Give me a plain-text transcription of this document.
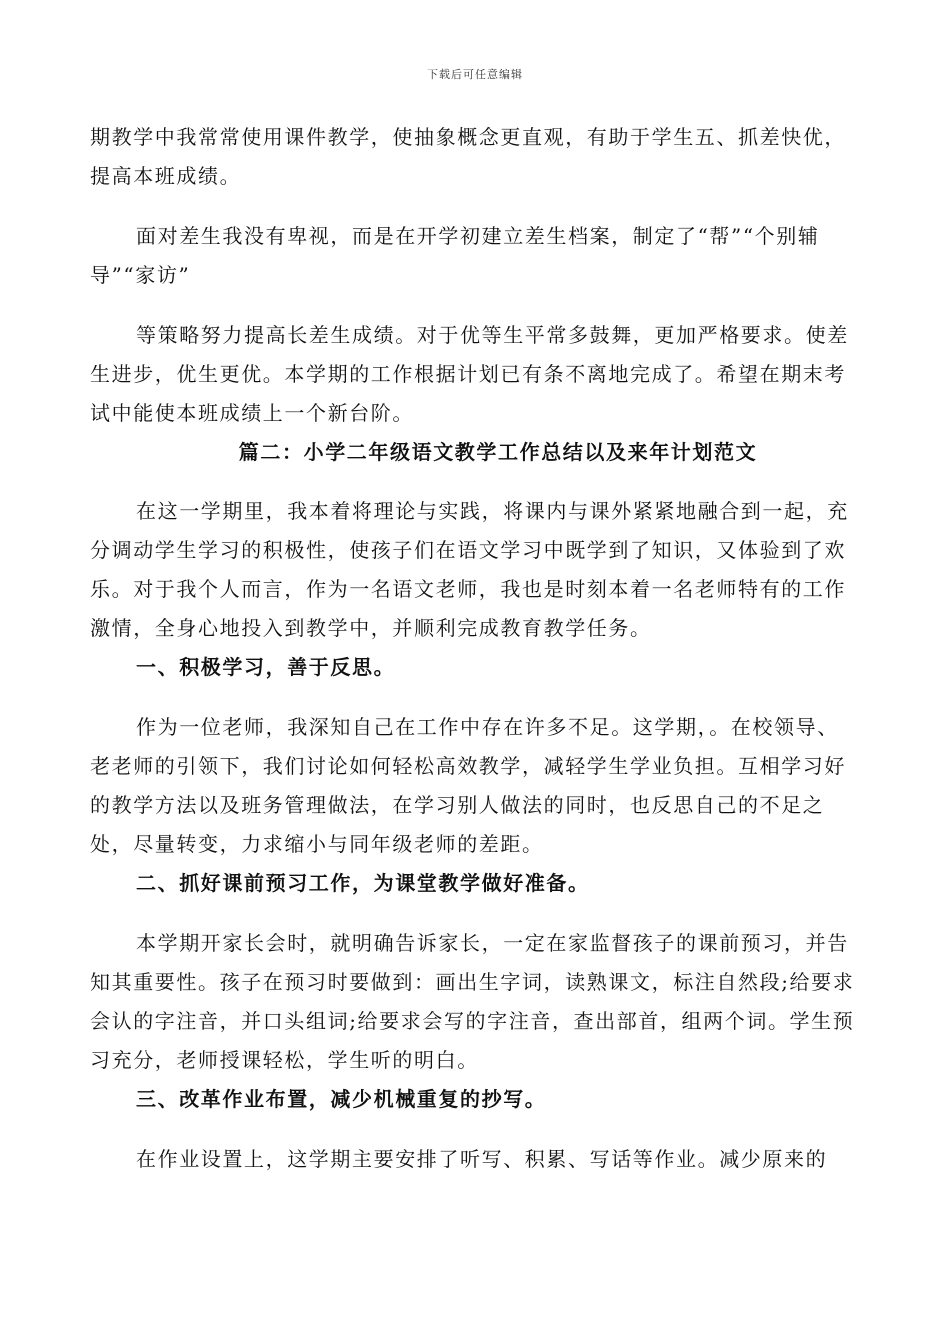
下载后可任意编辑

期教学中我常常使用课件教学，使抽象概念更直观，有助于学生五、抓差快优，提高本班成绩。

面对差生我没有卑视，而是在开学初建立差生档案，制定了“帮”“个别辅导”“家访”

等策略努力提高长差生成绩。对于优等生平常多鼓舞，更加严格要求。使差生进步，优生更优。本学期的工作根据计划已有条不离地完成了。希望在期末考试中能使本班成绩上一个新台阶。

篇二：小学二年级语文教学工作总结以及来年计划范文

在这一学期里，我本着将理论与实践，将课内与课外紧紧地融合到一起，充分调动学生学习的积极性，使孩子们在语文学习中既学到了知识，又体验到了欢乐。对于我个人而言，作为一名语文老师，我也是时刻本着一名老师特有的工作激情，全身心地投入到教学中，并顺利完成教育教学任务。

一、积极学习，善于反思。

作为一位老师，我深知自己在工作中存在许多不足。这学期，。在校领导、老老师的引领下，我们讨论如何轻松高效教学，减轻学生学业负担。互相学习好的教学方法以及班务管理做法，在学习别人做法的同时，也反思自己的不足之处，尽量转变，力求缩小与同年级老师的差距。

二、抓好课前预习工作，为课堂教学做好准备。

本学期开家长会时，就明确告诉家长，一定在家监督孩子的课前预习，并告知其重要性。孩子在预习时要做到：画出生字词，读熟课文，标注自然段;给要求会认的字注音，并口头组词;给要求会写的字注音，查出部首，组两个词。学生预习充分，老师授课轻松，学生听的明白。

三、改革作业布置，减少机械重复的抄写。

在作业设置上，这学期主要安排了听写、积累、写话等作业。减少原来的
